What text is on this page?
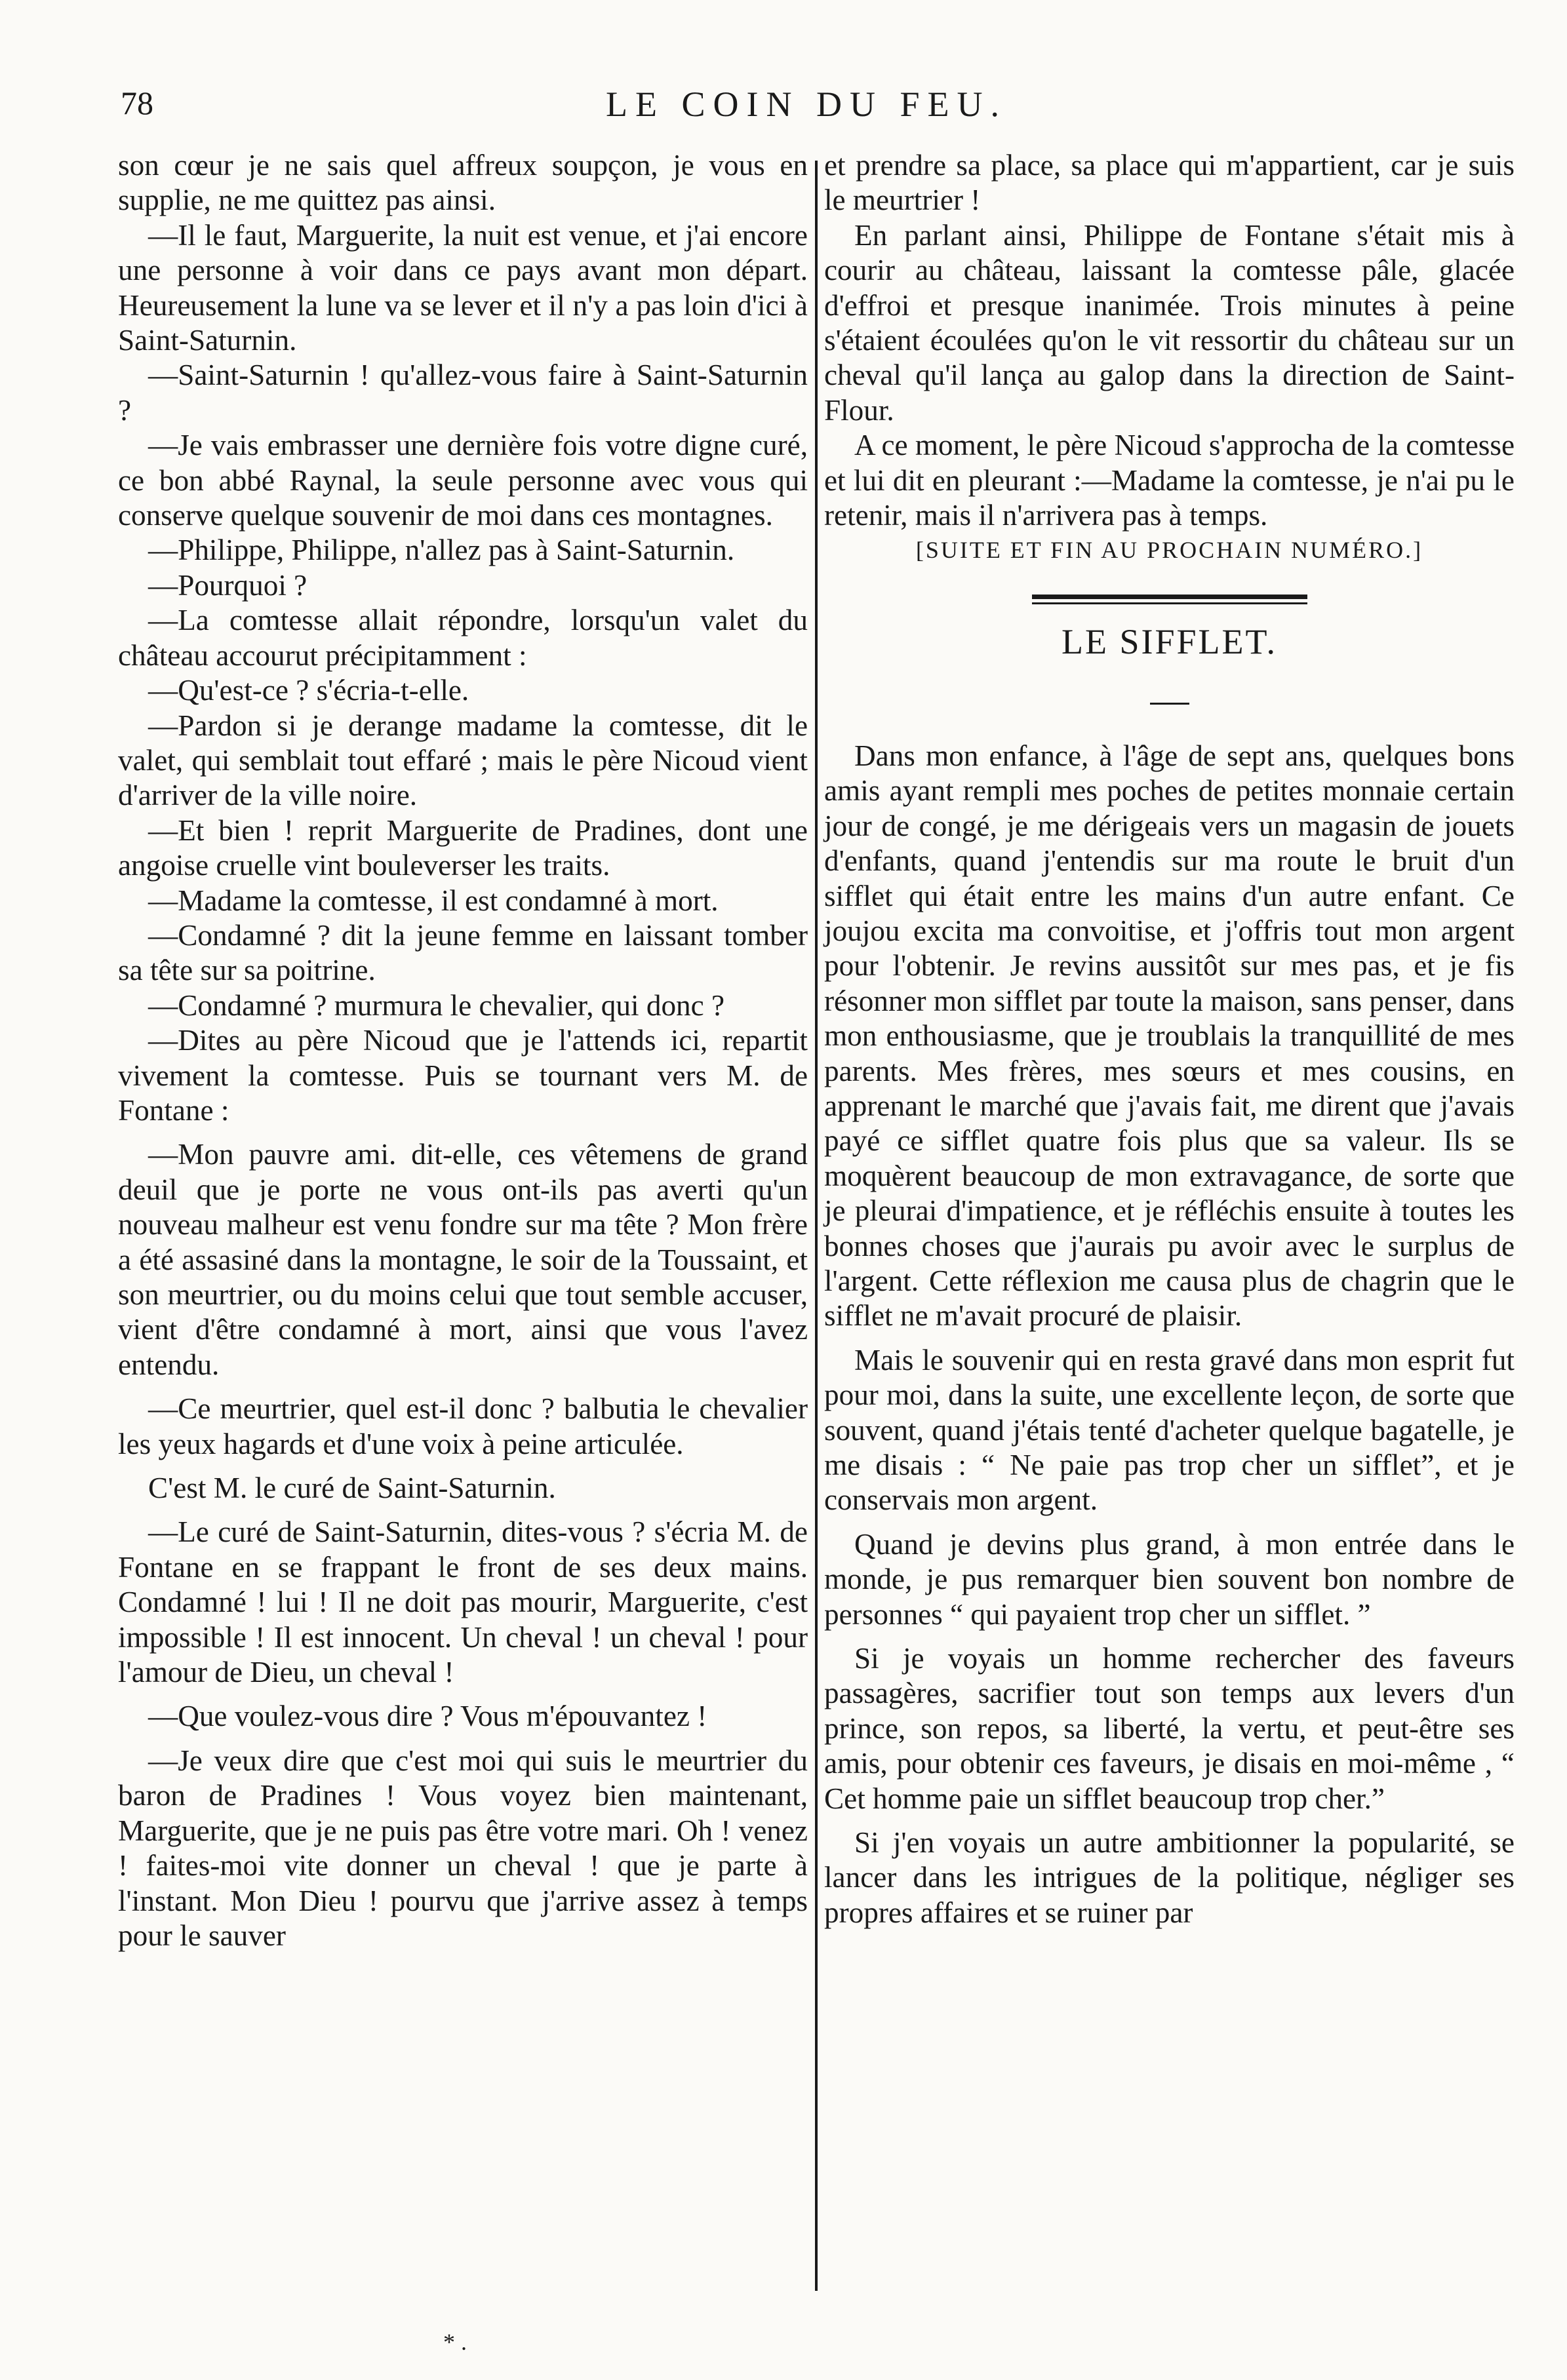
78	LE COIN DU FEU.

son cœur je ne sais quel affreux soupçon, je vous en supplie, ne me quittez pas ainsi.

—Il le faut, Marguerite, la nuit est venue, et j'ai encore une personne à voir dans ce pays avant mon départ. Heureusement la lune va se lever et il n'y a pas loin d'ici à Saint-Saturnin.

—Saint-Saturnin ! qu'allez-vous faire à Saint-Saturnin ?

—Je vais embrasser une dernière fois votre digne curé, ce bon abbé Raynal, la seule personne avec vous qui conserve quelque souvenir de moi dans ces montagnes.

—Philippe, Philippe, n'allez pas à Saint-Saturnin.

—Pourquoi ?

—La comtesse allait répondre, lorsqu'un valet du château accourut précipitamment :

—Qu'est-ce ? s'écria-t-elle.

—Pardon si je derange madame la comtesse, dit le valet, qui semblait tout effaré ; mais le père Nicoud vient d'arriver de la ville noire.

—Et bien ! reprit Marguerite de Pradines, dont une angoise cruelle vint bouleverser les traits.

—Madame la comtesse, il est condamné à mort.

—Condamné ? dit la jeune femme en laissant tomber sa tête sur sa poitrine.

—Condamné ? murmura le chevalier, qui donc ?

—Dites au père Nicoud que je l'attends ici, repartit vivement la comtesse. Puis se tournant vers M. de Fontane :

—Mon pauvre ami. dit-elle, ces vêtemens de grand deuil que je porte ne vous ont-ils pas averti qu'un nouveau malheur est venu fondre sur ma tête ? Mon frère a été assasiné dans la montagne, le soir de la Toussaint, et son meurtrier, ou du moins celui que tout semble accuser, vient d'être condamné à mort, ainsi que vous l'avez entendu.

—Ce meurtrier, quel est-il donc ? balbutia le chevalier les yeux hagards et d'une voix à peine articulée.

C'est M. le curé de Saint-Saturnin.

—Le curé de Saint-Saturnin, dites-vous ? s'écria M. de Fontane en se frappant le front de ses deux mains. Condamné ! lui ! Il ne doit pas mourir, Marguerite, c'est impossible ! Il est innocent. Un cheval ! un cheval ! pour l'amour de Dieu, un cheval !

—Que voulez-vous dire ? Vous m'épouvantez !

—Je veux dire que c'est moi qui suis le meurtrier du baron de Pradines ! Vous voyez bien maintenant, Marguerite, que je ne puis pas être votre mari. Oh ! venez ! faites-moi vite donner un cheval ! que je parte à l'instant. Mon Dieu ! pourvu que j'arrive assez à temps pour le sauver

et prendre sa place, sa place qui m'appartient, car je suis le meurtrier !

En parlant ainsi, Philippe de Fontane s'était mis à courir au château, laissant la comtesse pâle, glacée d'effroi et presque inanimée. Trois minutes à peine s'étaient écoulées qu'on le vit ressortir du château sur un cheval qu'il lança au galop dans la direction de Saint-Flour.

A ce moment, le père Nicoud s'approcha de la comtesse et lui dit en pleurant :—Madame la comtesse, je n'ai pu le retenir, mais il n'arrivera pas à temps.

[SUITE ET FIN AU PROCHAIN NUMÉRO.]

LE SIFFLET.

Dans mon enfance, à l'âge de sept ans, quelques bons amis ayant rempli mes poches de petites monnaie certain jour de congé, je me dérigeais vers un magasin de jouets d'enfants, quand j'entendis sur ma route le bruit d'un sifflet qui était entre les mains d'un autre enfant. Ce joujou excita ma convoitise, et j'offris tout mon argent pour l'obtenir. Je revins aussitôt sur mes pas, et je fis résonner mon sifflet par toute la maison, sans penser, dans mon enthousiasme, que je troublais la tranquillité de mes parents. Mes frères, mes sœurs et mes cousins, en apprenant le marché que j'avais fait, me dirent que j'avais payé ce sifflet quatre fois plus que sa valeur. Ils se moquèrent beaucoup de mon extravagance, de sorte que je pleurai d'impatience, et je réfléchis ensuite à toutes les bonnes choses que j'aurais pu avoir avec le surplus de l'argent. Cette réflexion me causa plus de chagrin que le sifflet ne m'avait procuré de plaisir.

Mais le souvenir qui en resta gravé dans mon esprit fut pour moi, dans la suite, une excellente leçon, de sorte que souvent, quand j'étais tenté d'acheter quelque bagatelle, je me disais : “ Ne paie pas trop cher un sifflet”, et je conservais mon argent.

Quand je devins plus grand, à mon entrée dans le monde, je pus remarquer bien souvent bon nombre de personnes “ qui payaient trop cher un sifflet. ”

Si je voyais un homme rechercher des faveurs passagères, sacrifier tout son temps aux levers d'un prince, son repos, sa liberté, la vertu, et peut-être ses amis, pour obtenir ces faveurs, je disais en moi-même , “ Cet homme paie un sifflet beaucoup trop cher.”

Si j'en voyais un autre ambitionner la popularité, se lancer dans les intrigues de la politique, négliger ses propres affaires et se ruiner par

* .
